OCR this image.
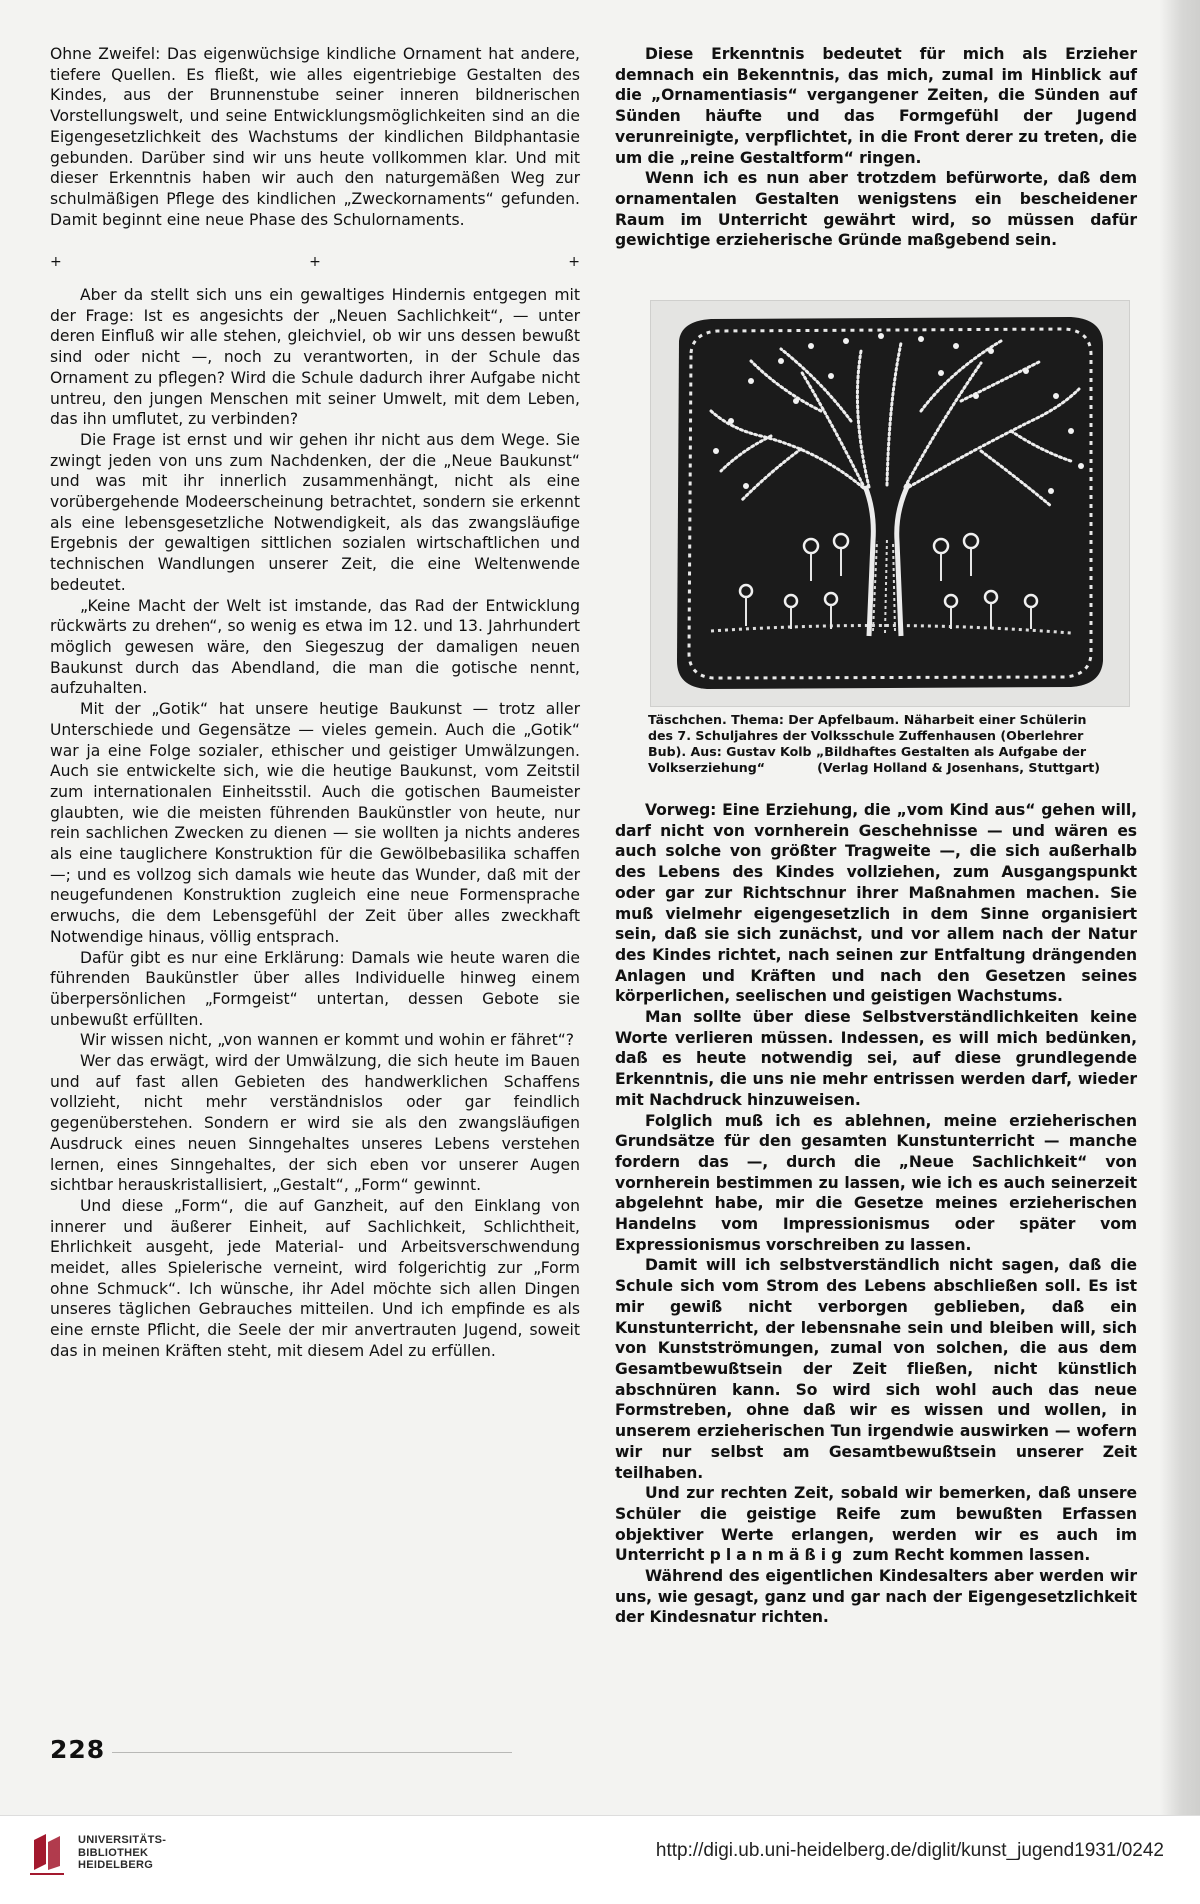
Ohne Zweifel: Das eigenwüchsige kindliche Ornament hat andere, tiefere Quellen. Es fließt, wie alles eigentriebige Gestalten des Kindes, aus der Brunnenstube seiner inneren bildnerischen Vorstellungswelt, und seine Entwicklungsmöglichkeiten sind an die Eigengesetzlichkeit des Wachstums der kindlichen Bildphantasie gebunden. Darüber sind wir uns heute vollkommen klar. Und mit dieser Erkenntnis haben wir auch den naturgemäßen Weg zur schulmäßigen Pflege des kindlichen „Zweckornaments“ gefunden. Damit beginnt eine neue Phase des Schulornaments.

+	+	+

Aber da stellt sich uns ein gewaltiges Hindernis entgegen mit der Frage: Ist es angesichts der „Neuen Sachlichkeit“, — unter deren Einfluß wir alle stehen, gleichviel, ob wir uns dessen bewußt sind oder nicht —, noch zu verantworten, in der Schule das Ornament zu pflegen? Wird die Schule dadurch ihrer Aufgabe nicht untreu, den jungen Menschen mit seiner Umwelt, mit dem Leben, das ihn umflutet, zu verbinden?

Die Frage ist ernst und wir gehen ihr nicht aus dem Wege. Sie zwingt jeden von uns zum Nachdenken, der die „Neue Baukunst“ und was mit ihr innerlich zusammenhängt, nicht als eine vorübergehende Modeerscheinung betrachtet, sondern sie erkennt als eine lebensgesetzliche Notwendigkeit, als das zwangsläufige Ergebnis der gewaltigen sittlichen sozialen wirtschaftlichen und technischen Wandlungen unserer Zeit, die eine Weltenwende bedeutet.

„Keine Macht der Welt ist imstande, das Rad der Entwicklung rückwärts zu drehen“, so wenig es etwa im 12. und 13. Jahrhundert möglich gewesen wäre, den Siegeszug der damaligen neuen Baukunst durch das Abendland, die man die gotische nennt, aufzuhalten.

Mit der „Gotik“ hat unsere heutige Baukunst — trotz aller Unterschiede und Gegensätze — vieles gemein. Auch die „Gotik“ war ja eine Folge sozialer, ethischer und geistiger Umwälzungen. Auch sie entwickelte sich, wie die heutige Baukunst, vom Zeitstil zum internationalen Einheitsstil. Auch die gotischen Baumeister glaubten, wie die meisten führenden Baukünstler von heute, nur rein sachlichen Zwecken zu dienen — sie wollten ja nichts anderes als eine tauglichere Konstruktion für die Gewölbebasilika schaffen —; und es vollzog sich damals wie heute das Wunder, daß mit der neugefundenen Konstruktion zugleich eine neue Formensprache erwuchs, die dem Lebensgefühl der Zeit über alles zweckhaft Notwendige hinaus, völlig entsprach.

Dafür gibt es nur eine Erklärung: Damals wie heute waren die führenden Baukünstler über alles Individuelle hinweg einem überpersönlichen „Formgeist“ untertan, dessen Gebote sie unbewußt erfüllten.

Wir wissen nicht, „von wannen er kommt und wohin er fähret“?

Wer das erwägt, wird der Umwälzung, die sich heute im Bauen und auf fast allen Gebieten des handwerklichen Schaffens vollzieht, nicht mehr verständnislos oder gar feindlich gegenüberstehen. Sondern er wird sie als den zwangsläufigen Ausdruck eines neuen Sinngehaltes unseres Lebens verstehen lernen, eines Sinngehaltes, der sich eben vor unserer Augen sichtbar herauskristallisiert, „Gestalt“, „Form“ gewinnt.

Und diese „Form“, die auf Ganzheit, auf den Einklang von innerer und äußerer Einheit, auf Sachlichkeit, Schlichtheit, Ehrlichkeit ausgeht, jede Material- und Arbeitsverschwendung meidet, alles Spielerische verneint, wird folgerichtig zur „Form ohne Schmuck“. Ich wünsche, ihr Adel möchte sich allen Dingen unseres täglichen Gebrauches mitteilen. Und ich empfinde es als eine ernste Pflicht, die Seele der mir anvertrauten Jugend, soweit das in meinen Kräften steht, mit diesem Adel zu erfüllen.

Diese Erkenntnis bedeutet für mich als Erzieher demnach ein Bekenntnis, das mich, zumal im Hinblick auf die „Ornamentiasis“ vergangener Zeiten, die Sünden auf Sünden häufte und das Formgefühl der Jugend verunreinigte, verpflichtet, in die Front derer zu treten, die um die „reine Gestaltform“ ringen.

Wenn ich es nun aber trotzdem befürworte, daß dem ornamentalen Gestalten wenigstens ein bescheidener Raum im Unterricht gewährt wird, so müssen dafür gewichtige erzieherische Gründe maßgebend sein.

Täschchen. Thema: Der Apfelbaum. Näharbeit einer Schülerin
des 7. Schuljahres der Volksschule Zuffenhausen (Oberlehrer
Bub). Aus: Gustav Kolb „Bildhaftes Gestalten als Aufgabe der
Volkserziehung“	(Verlag Holland & Josenhans, Stuttgart)

Vorweg: Eine Erziehung, die „vom Kind aus“ gehen will, darf nicht von vornherein Geschehnisse — und wären es auch solche von größter Tragweite —, die sich außerhalb des Lebens des Kindes vollziehen, zum Ausgangspunkt oder gar zur Richtschnur ihrer Maßnahmen machen. Sie muß vielmehr eigengesetzlich in dem Sinne organisiert sein, daß sie sich zunächst, und vor allem nach der Natur des Kindes richtet, nach seinen zur Entfaltung drängenden Anlagen und Kräften und nach den Gesetzen seines körperlichen, seelischen und geistigen Wachstums.

Man sollte über diese Selbstverständlichkeiten keine Worte verlieren müssen. Indessen, es will mich bedünken, daß es heute notwendig sei, auf diese grundlegende Erkenntnis, die uns nie mehr entrissen werden darf, wieder mit Nachdruck hinzuweisen.

Folglich muß ich es ablehnen, meine erzieherischen Grundsätze für den gesamten Kunstunterricht — manche fordern das —, durch die „Neue Sachlichkeit“ von vornherein bestimmen zu lassen, wie ich es auch seinerzeit abgelehnt habe, mir die Gesetze meines erzieherischen Handelns vom Impressionismus oder später vom Expressionismus vorschreiben zu lassen.

Damit will ich selbstverständlich nicht sagen, daß die Schule sich vom Strom des Lebens abschließen soll. Es ist mir gewiß nicht verborgen geblieben, daß ein Kunstunterricht, der lebensnahe sein und bleiben will, sich von Kunstströmungen, zumal von solchen, die aus dem Gesamtbewußtsein der Zeit fließen, nicht künstlich abschnüren kann. So wird sich wohl auch das neue Formstreben, ohne daß wir es wissen und wollen, in unserem erzieherischen Tun irgendwie auswirken — wofern wir nur selbst am Gesamtbewußtsein unserer Zeit teilhaben.

Und zur rechten Zeit, sobald wir bemerken, daß unsere Schüler die geistige Reife zum bewußten Erfassen objektiver Werte erlangen, werden wir es auch im Unterricht planmäßig zum Recht kommen lassen.

Während des eigentlichen Kindesalters aber werden wir uns, wie gesagt, ganz und gar nach der Eigengesetzlichkeit der Kindesnatur richten.

228
UNIVERSITÄTS-
BIBLIOTHEK
HEIDELBERG
http://digi.ub.uni-heidelberg.de/diglit/kunst_jugend1931/0242
